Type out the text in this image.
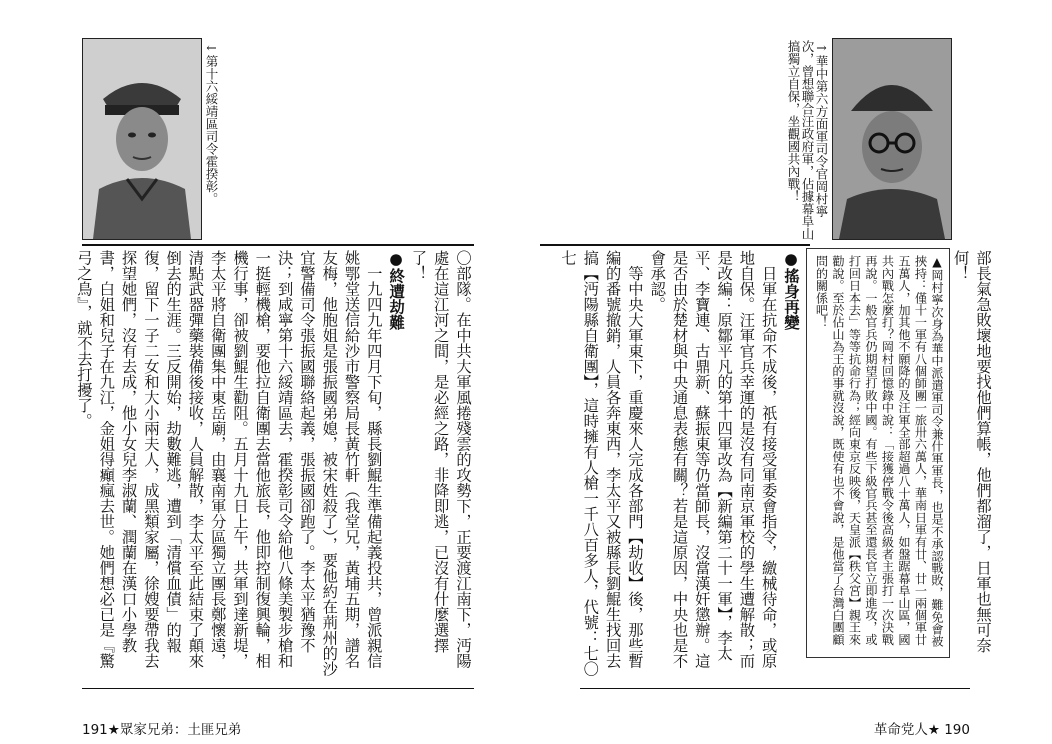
←第十六綏靖區司令霍揆彰。	→華中第六方面軍司令官岡村寧次，曾想聯合汪政府軍，佔據幕阜山搞獨立自保，坐觀國共內戰！
▲岡村寧次身為華中派遣軍司令兼什軍軍長，也是不承認戰敗，難免會被挾持：僅十一軍有八個師團一旅卅六萬人，華南日軍有廿、廿一兩個軍廿五萬人，加其他不願降的及汪軍全部超過八十萬人，如盤踞幕阜山區，國共內戰怎麼打？岡村回憶錄中說：「接獲停戰令後高級者主張打一次決戰再說。一般官兵仍期望打敗中國。有些下級官兵甚至還長官立即進攻，或打回日本去」等等抗命行為；經向東京反映後，天皇派【秩父宮】親王來勸說。至於佔山為王的事就沒說，既使有也不會說，是他當了台灣白團顧問的關係吧！	部長氣急敗壞地要找他們算帳，他們都溜了，日軍也無可奈何！
●搖身再變
　日軍在抗命不成後，祇有接受軍委會指令，繳械待命，或原地自保。汪軍官兵幸運的是沒有同南京軍校的學生遭解散；而是改編：原鄒平凡的第十四軍改為【新編第二十一軍】，李太平、李寶連、古鼎新、蘇振東等仍當師長，沒當漢奸懲辦。這是否由於楚材與中央通息表態有關？若是這原因，中央也是不會承認。
　等中央大軍東下，重慶來人完成各部門【劫收】後，那些暫編的番號撤銷，人員各奔東西，李太平又被縣長劉鯤生找回去搞【沔陽縣自衛團】，這時擁有人槍一千八百多人，代號：七〇七
〇部隊。在中共大軍風捲殘雲的攻勢下，正要渡江南下，沔陽處在這江河之間，是必經之路，非降即逃，已沒有什麼選擇了！
●終遭劫難
　一九四九年四月下旬，縣長劉鯤生準備起義投共，曾派親信姚鄂堂送信給沙市警察局長黃竹軒（我堂兄，黃埔五期，譜名友梅，他胞姐是張振國弟媳，被宋姓殺了），要他約在荊州的沙宜警備司令張振國聯絡起義，張振國卻跑了。李太平猶豫不決；到咸寧第十六綏靖區去，霍揆彰司令給他八條美製步槍和一挺輕機槍，要他拉自衛團去當他旅長，他即控制復興輪，相機行事，卻被劉鯤生勸阻。五月十九日上午，共軍到達新堤，李太平將自衛團集中東岳廟，由襄南軍分區獨立團長鄭懷遠，清點武器彈藥裝備後接收，人員解散，李太平至此結束了顛來倒去的生涯。三反開始，劫數難逃，遭到「清償血債」的報復，留下一子二女和大小兩夫人，成黑類家屬，徐嫂要帶我去探望她們，沒有去成，他小女兒李淑蘭、潤蘭在漢口小學教書，白姐和兒子在九江，金姐得癲瘋去世。她們想必已是『驚弓之鳥』，就不去打擾了。
191★眾家兄弟：土匪兄弟	革命党人★ 190
